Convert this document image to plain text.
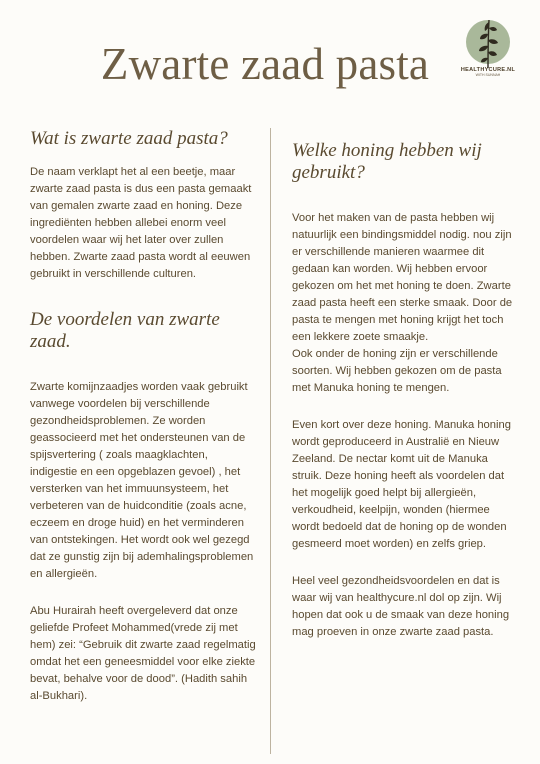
Zwarte zaad pasta	HEALTHYCURE.NL
WITH SUNNAH
Wat is zwarte zaad pasta?

De naam verklapt het al een beetje, maar zwarte zaad pasta is dus een pasta gemaakt van gemalen zwarte zaad en honing. Deze ingrediënten hebben allebei enorm veel voordelen waar wij het later over zullen hebben. Zwarte zaad pasta wordt al eeuwen gebruikt in verschillende culturen.

De voordelen van zwarte zaad.

Zwarte komijnzaadjes worden vaak gebruikt vanwege voordelen bij verschillende gezondheidsproblemen. Ze worden geassocieerd met het ondersteunen van de spijsvertering ( zoals maagklachten, indigestie en een opgeblazen gevoel) , het versterken van het immuunsysteem, het verbeteren van de huidconditie (zoals acne, eczeem en droge huid) en het verminderen van ontstekingen. Het wordt ook wel gezegd dat ze gunstig zijn bij ademhalingsproblemen en allergieën.

Abu Hurairah heeft overgeleverd dat onze geliefde Profeet Mohammed(vrede zij met hem) zei: “Gebruik dit zwarte zaad regelmatig omdat het een geneesmiddel voor elke ziekte bevat, behalve voor de dood”. (Hadith sahih al-Bukhari).

Welke honing hebben wij gebruikt?

Voor het maken van de pasta hebben wij natuurlijk een bindingsmiddel nodig. nou zijn er verschillende manieren waarmee dit gedaan kan worden. Wij hebben ervoor gekozen om het met honing te doen. Zwarte zaad pasta heeft een sterke smaak. Door de pasta te mengen met honing krijgt het toch een lekkere zoete smaakje.
Ook onder de honing zijn er verschillende soorten. Wij hebben gekozen om de pasta met Manuka honing te mengen.

Even kort over deze honing. Manuka honing wordt geproduceerd in Australië en Nieuw Zeeland. De nectar komt uit de Manuka struik. Deze honing heeft als voordelen dat het mogelijk goed helpt bij allergieën, verkoudheid, keelpijn, wonden (hiermee wordt bedoeld dat de honing op de wonden gesmeerd moet worden) en zelfs griep.

Heel veel gezondheidsvoordelen en dat is waar wij van healthycure.nl dol op zijn. Wij hopen dat ook u de smaak van deze honing mag proeven in onze zwarte zaad pasta.
